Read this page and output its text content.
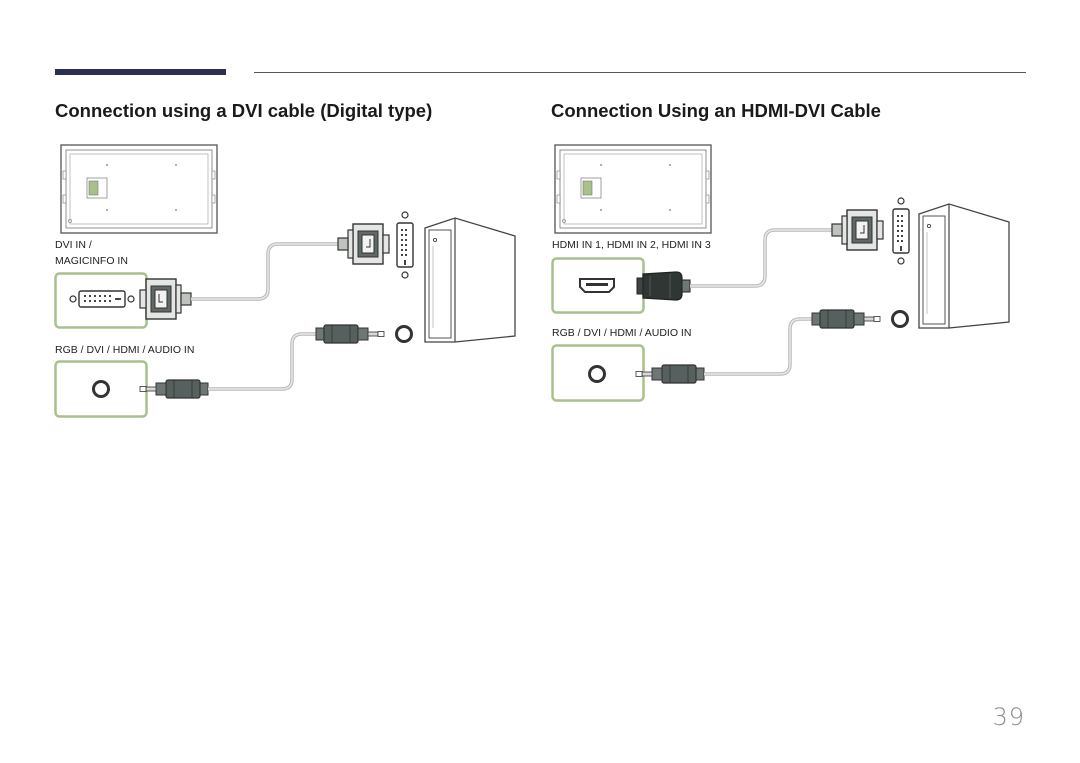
Connection using a DVI cable (Digital type)	Connection Using an HDMI-DVI Cable
DVI IN /
MAGICINFO IN
RGB / DVI / HDMI / AUDIO IN
HDMI IN 1, HDMI IN 2, HDMI IN 3
RGB / DVI / HDMI / AUDIO IN
39
